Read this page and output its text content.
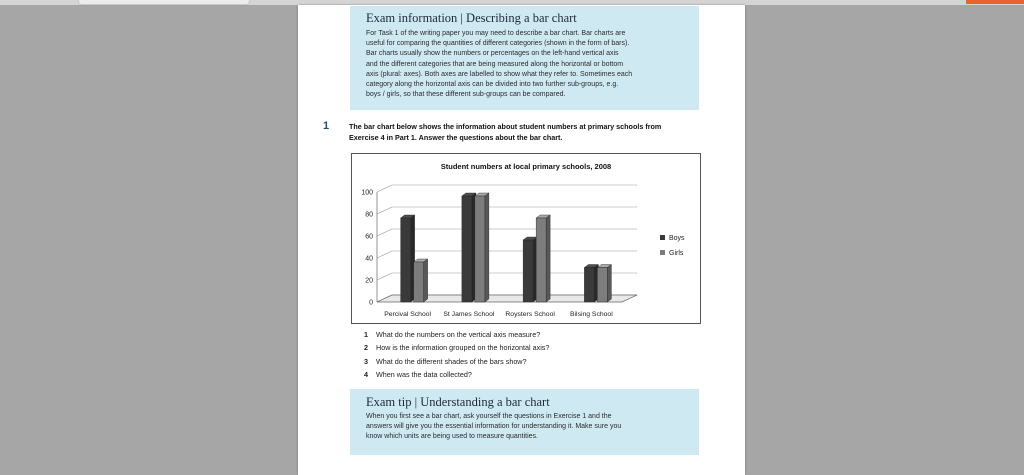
Exam information | Describing a bar chart
For Task 1 of the writing paper you may need to describe a bar chart. Bar charts are
useful for comparing the quantities of different categories (shown in the form of bars).
Bar charts usually show the numbers or percentages on the left-hand vertical axis
and the different categories that are being measured along the horizontal or bottom
axis (plural: axes). Both axes are labelled to show what they refer to. Sometimes each
category along the horizontal axis can be divided into two further sub-groups, e.g.
boys / girls, so that these different sub-groups can be compared.
1	The bar chart below shows the information about student numbers at primary schools from
Exercise 4 in Part 1. Answer the questions about the bar chart.
Student numbers at local primary schools, 2008
0
20
40
60
80
100
Percival School St James School Roysters School Bilsing School
Boys
Girls
1 What do the numbers on the vertical axis measure?
2 How is the information grouped on the horizontal axis?
3 What do the different shades of the bars show?
4 When was the data collected?
Exam tip | Understanding a bar chart
When you first see a bar chart, ask yourself the questions in Exercise 1 and the
answers will give you the essential information for understanding it. Make sure you
know which units are being used to measure quantities.
